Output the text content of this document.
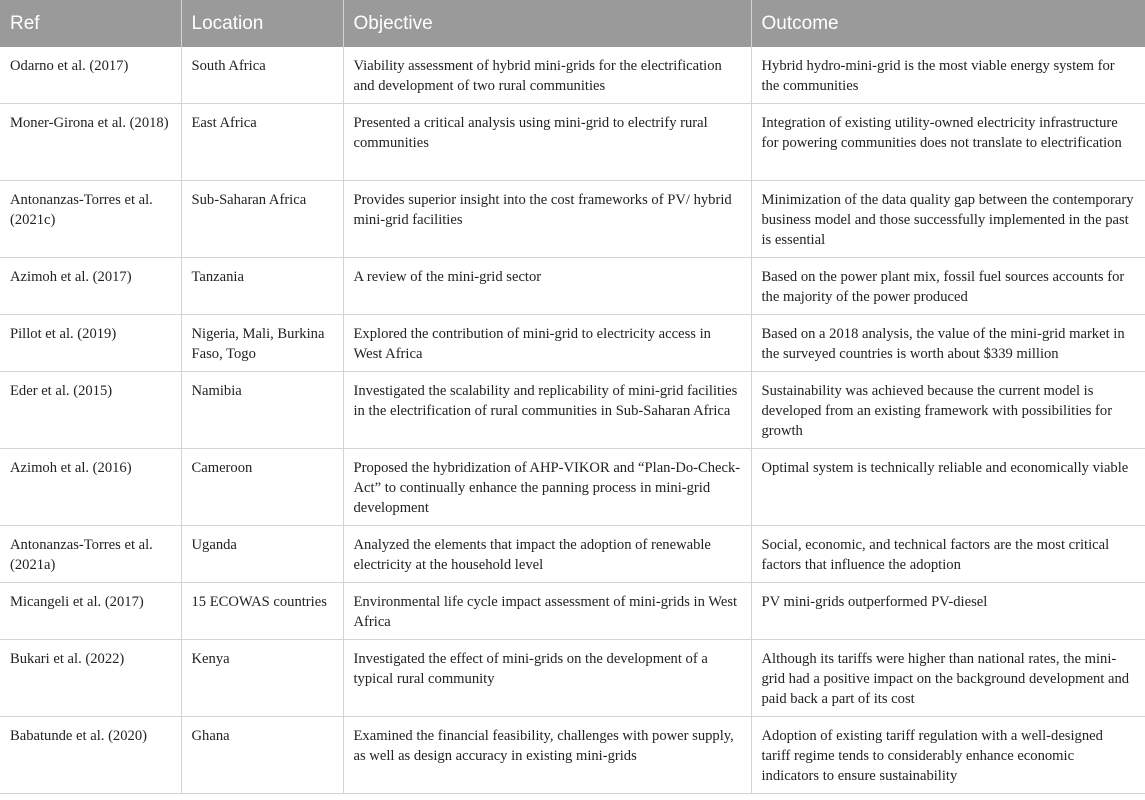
Ref	Location	Objective	Outcome
Odarno et al. (2017)	South Africa	Viability assessment of hybrid mini-grids for the electrification and development of two rural communities	Hybrid hydro-mini-grid is the most viable energy system for the communities
Moner-Girona et al. (2018)	East Africa	Presented a critical analysis using mini-grid to electrify rural communities	Integration of existing utility-owned electricity infrastructure for powering communities does not translate to electrification
Antonanzas-Torres et al. (2021c)	Sub-Saharan Africa	Provides superior insight into the cost frameworks of PV/ hybrid mini-grid facilities	Minimization of the data quality gap between the contemporary business model and those successfully implemented in the past is essential
Azimoh et al. (2017)	Tanzania	A review of the mini-grid sector	Based on the power plant mix, fossil fuel sources accounts for the majority of the power produced
Pillot et al. (2019)	Nigeria, Mali, Burkina Faso, Togo	Explored the contribution of mini-grid to electricity access in West Africa	Based on a 2018 analysis, the value of the mini-grid market in the surveyed countries is worth about $339 million
Eder et al. (2015)	Namibia	Investigated the scalability and replicability of mini-grid facilities in the electrification of rural communities in Sub-Saharan Africa	Sustainability was achieved because the current model is developed from an existing framework with possibilities for growth
Azimoh et al. (2016)	Cameroon	Proposed the hybridization of AHP-VIKOR and “Plan-Do-Check-Act” to continually enhance the panning process in mini-grid development	Optimal system is technically reliable and economically viable
Antonanzas-Torres et al. (2021a)	Uganda	Analyzed the elements that impact the adoption of renewable electricity at the household level	Social, economic, and technical factors are the most critical factors that influence the adoption
Micangeli et al. (2017)	15 ECOWAS countries	Environmental life cycle impact assessment of mini-grids in West Africa	PV mini-grids outperformed PV-diesel
Bukari et al. (2022)	Kenya	Investigated the effect of mini-grids on the development of a typical rural community	Although its tariffs were higher than national rates, the mini-grid had a positive impact on the background development and paid back a part of its cost
Babatunde et al. (2020)	Ghana	Examined the financial feasibility, challenges with power supply, as well as design accuracy in existing mini-grids	Adoption of existing tariff regulation with a well-designed tariff regime tends to considerably enhance economic indicators to ensure sustainability
